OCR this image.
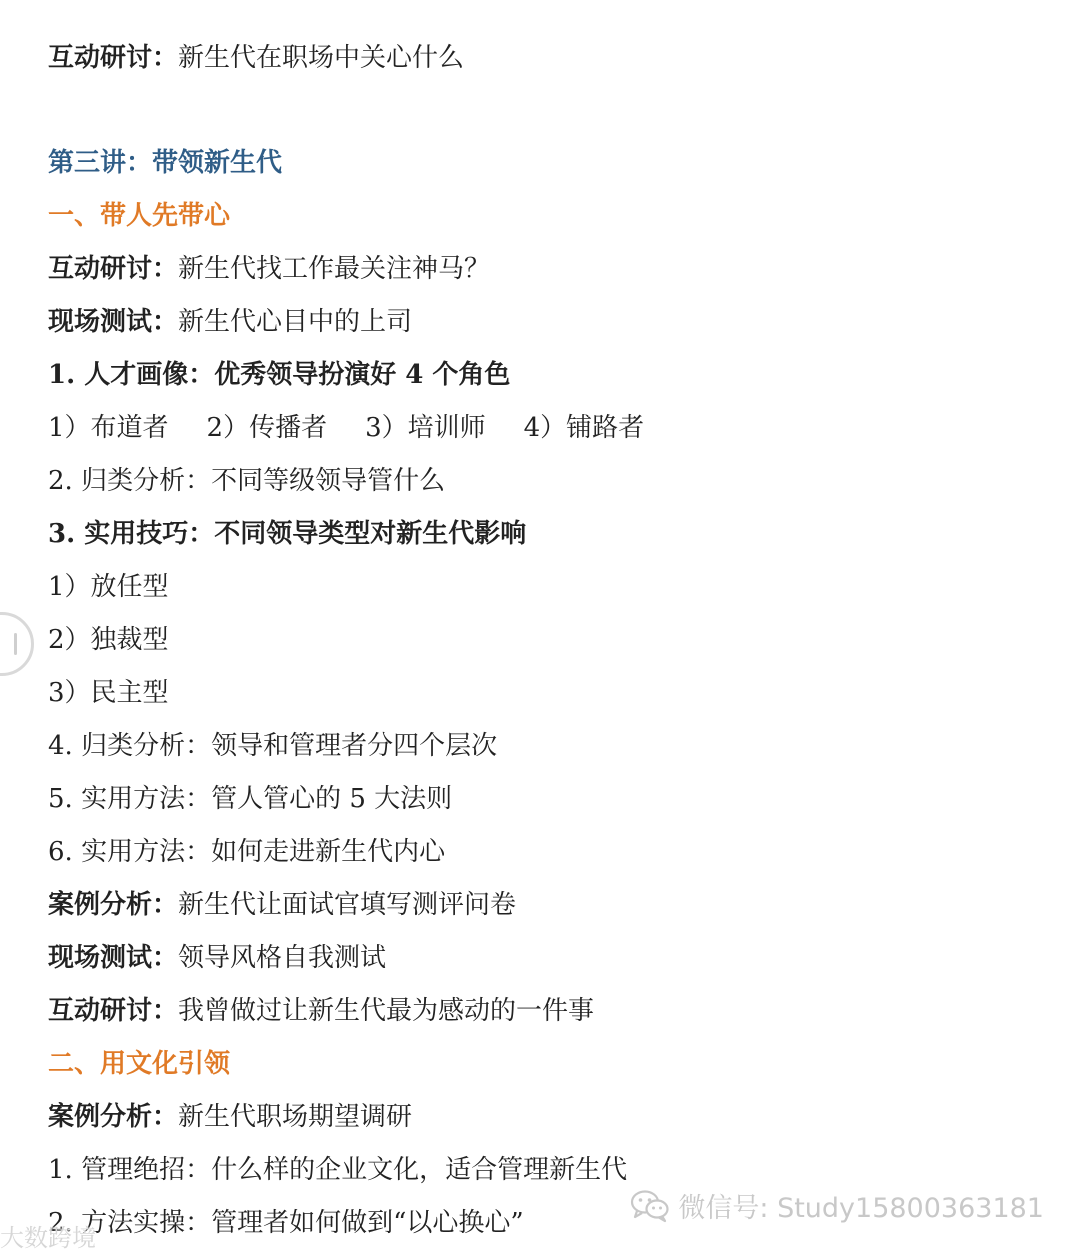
互动研讨：新生代在职场中关心什么
第三讲：带领新生代
一、带人先带心
互动研讨：新生代找工作最关注神马？
现场测试：新生代心目中的上司
1. 人才画像：优秀领导扮演好 4 个角色
1）布道者 2）传播者 3）培训师 4）铺路者
2. 归类分析：不同等级领导管什么
3. 实用技巧：不同领导类型对新生代影响
1）放任型
2）独裁型
3）民主型
4. 归类分析：领导和管理者分四个层次
5. 实用方法：管人管心的 5 大法则
6. 实用方法：如何走进新生代内心
案例分析：新生代让面试官填写测评问卷
现场测试：领导风格自我测试
互动研讨：我曾做过让新生代最为感动的一件事
二、用文化引领
案例分析：新生代职场期望调研
1. 管理绝招：什么样的企业文化，适合管理新生代
2. 方法实操：管理者如何做到“以心换心”	微信号: Study15800363181
大数跨境
